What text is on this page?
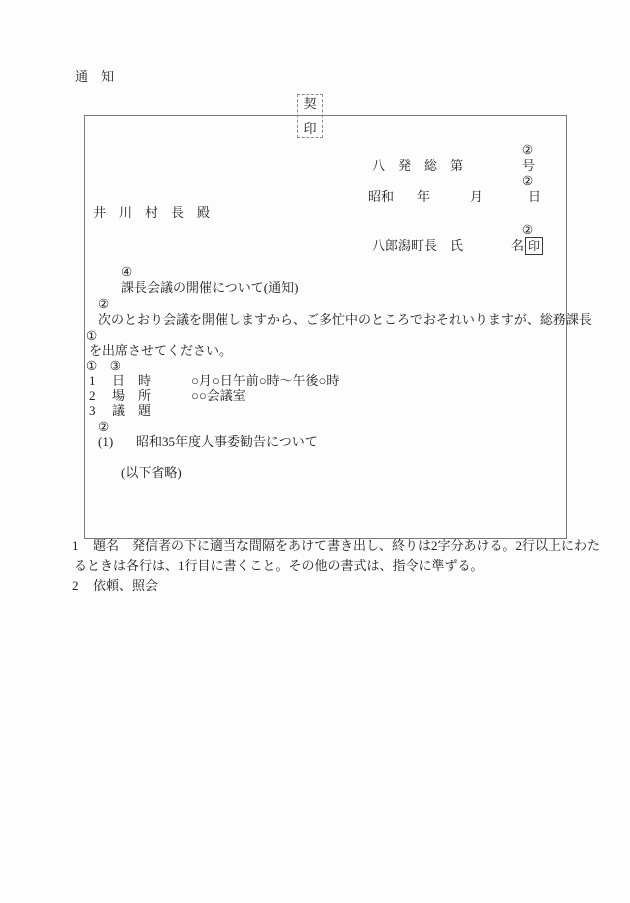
通　知
契
印
②
八　発　総　第	号
②
昭和 年	月	日
井　川　村　長　殿
②
八郎潟町長　氏	名 印
④
課長会議の開催について(通知)
②
次のとおり会議を開催しますから、ご多忙中のところでおそれいりますが、総務課長
①
を出席させてください。
①　③
1 日　時	○月○日午前○時～午後○時
2 場　所	○○会議室
3 議　題
②
(1) 昭和35年度人事委勧告について
(以下省略)
1 題名　発信者の下に適当な間隔をあけて書き出し、終りは2字分あける。2行以上にわた
るときは各行は、1行目に書くこと。その他の書式は、指令に準ずる。
2 依頼、照会
